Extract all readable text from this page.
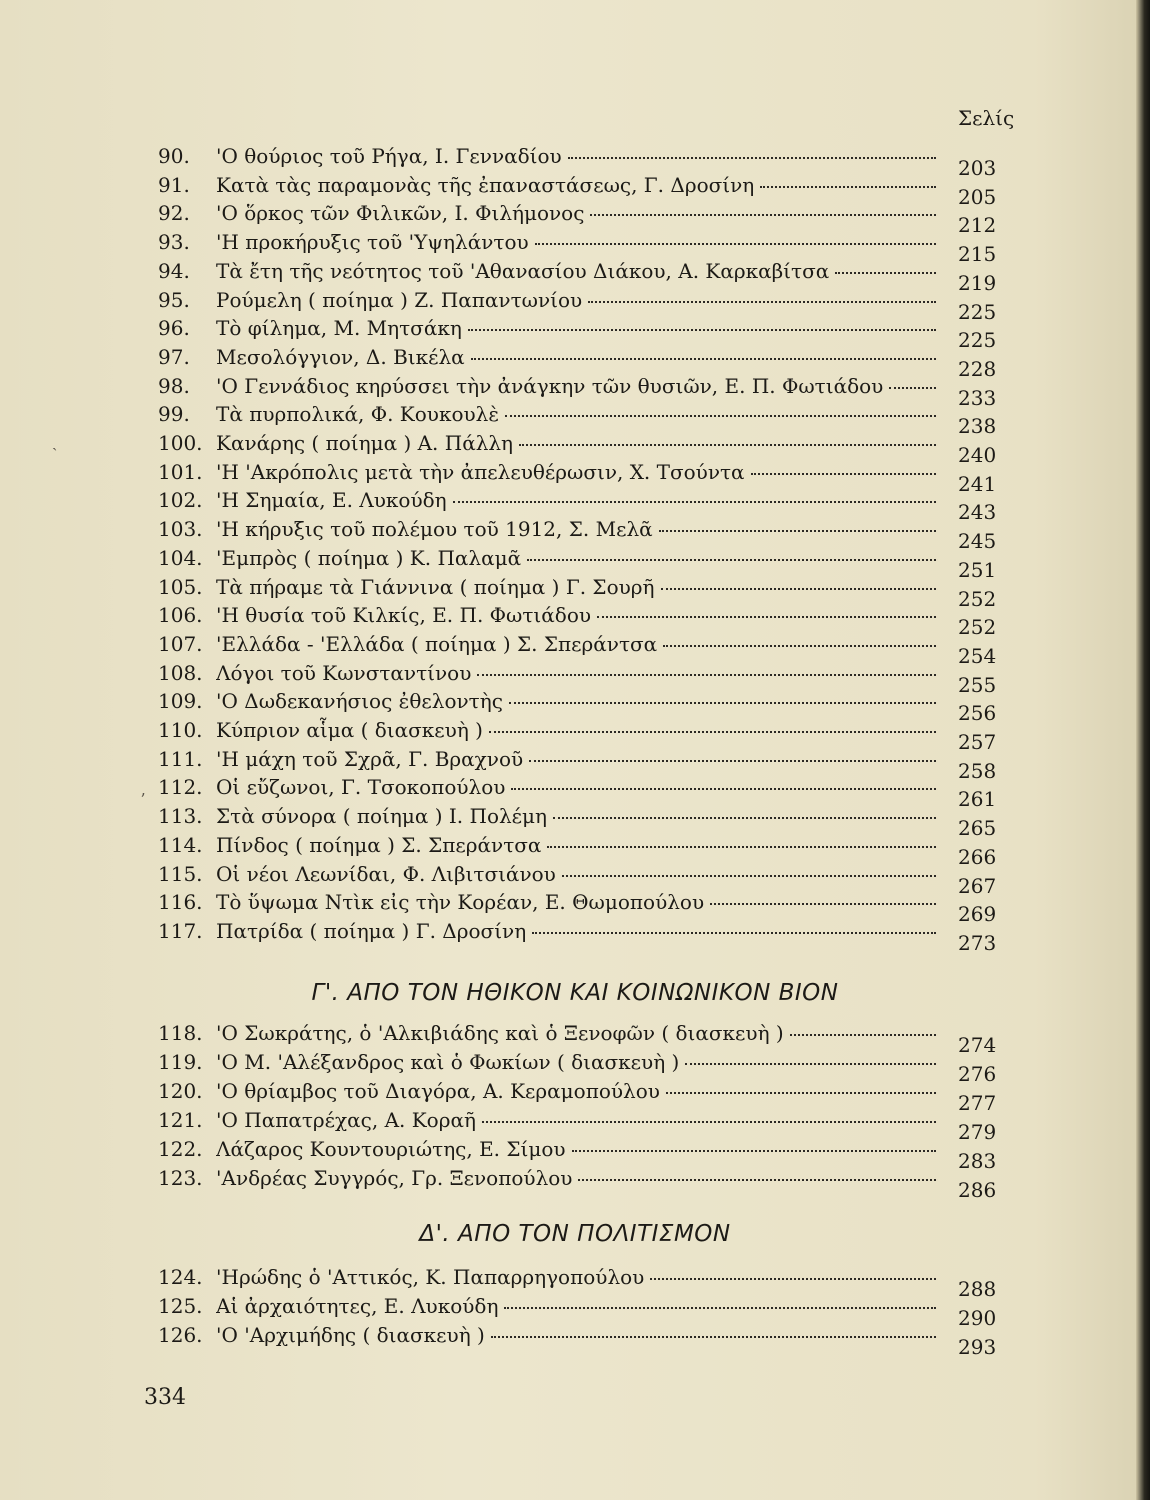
Σελίς
90.	'Ο θούριος τοῦ Ρήγα, Ι. Γενναδίου	203
91.	Κατὰ τὰς παραμονὰς τῆς ἐπαναστάσεως, Γ. Δροσίνη	205
92.	'Ο ὅρκος τῶν Φιλικῶν, Ι. Φιλήμονος	212
93.	'Η προκήρυξις τοῦ 'Υψηλάντου	215
94.	Τὰ ἔτη τῆς νεότητος τοῦ 'Αθανασίου Διάκου, Α. Καρκαβίτσα	219
95.	Ρούμελη ( ποίημα ) Ζ. Παπαντωνίου	225
96.	Τὸ φίλημα, Μ. Μητσάκη	225
97.	Μεσολόγγιον, Δ. Βικέλα	228
98.	'Ο Γεννάδιος κηρύσσει τὴν ἀνάγκην τῶν θυσιῶν, Ε. Π. Φωτιάδου	233
99.	Τὰ πυρπολικά, Φ. Κουκουλὲ	238
100. Κανάρης ( ποίημα ) Α. Πάλλη	240
101. 'Η 'Ακρόπολις μετὰ τὴν ἀπελευθέρωσιν, Χ. Τσούντα	241
102. 'Η Σημαία, Ε. Λυκούδη	243
103. 'Η κήρυξις τοῦ πολέμου τοῦ 1912, Σ. Μελᾶ	245
104. 'Εμπρὸς ( ποίημα ) Κ. Παλαμᾶ	251
105. Τὰ πήραμε τὰ Γιάννινα ( ποίημα ) Γ. Σουρῆ	252
106. 'Η θυσία τοῦ Κιλκίς, Ε. Π. Φωτιάδου	252
107. 'Ελλάδα - 'Ελλάδα ( ποίημα ) Σ. Σπεράντσα	254
108. Λόγοι τοῦ Κωνσταντίνου	255
109. 'Ο Δωδεκανήσιος ἐθελοντὴς	256
110. Κύπριον αἷμα ( διασκευὴ )	257
111. 'Η μάχη τοῦ Σχρᾶ, Γ. Βραχνοῦ	258
112. Οἱ εὔζωνοι, Γ. Τσοκοπούλου	261
113. Στὰ σύνορα ( ποίημα ) Ι. Πολέμη	265
114. Πίνδος ( ποίημα ) Σ. Σπεράντσα	266
115. Οἱ νέοι Λεωνίδαι, Φ. Λιβιτσιάνου	267
116. Τὸ ὕψωμα Ντὶκ εἰς τὴν Κορέαν, Ε. Θωμοπούλου	269
117. Πατρίδα ( ποίημα ) Γ. Δροσίνη	273
Γ'. ΑΠΟ ΤΟΝ ΗΘΙΚΟΝ ΚΑΙ ΚΟΙΝΩΝΙΚΟΝ ΒΙΟΝ
118. 'Ο Σωκράτης, ὁ 'Αλκιβιάδης καὶ ὁ Ξενοφῶν ( διασκευὴ )	274
119. 'Ο Μ. 'Αλέξανδρος καὶ ὁ Φωκίων ( διασκευὴ )	276
120. 'Ο θρίαμβος τοῦ Διαγόρα, Α. Κεραμοπούλου	277
121. 'Ο Παπατρέχας, Α. Κοραῆ	279
122. Λάζαρος Κουντουριώτης, Ε. Σίμου	283
123. 'Ανδρέας Συγγρός, Γρ. Ξενοπούλου	286
Δ'. ΑΠΟ ΤΟΝ ΠΟΛΙΤΙΣΜΟΝ
124. 'Ηρώδης ὁ 'Αττικός, Κ. Παπαρρηγοπούλου	288
125. Αἱ ἀρχαιότητες, Ε. Λυκούδη	290
126. 'Ο 'Αρχιμήδης ( διασκευὴ )	293
334
ʼ
ˎ
